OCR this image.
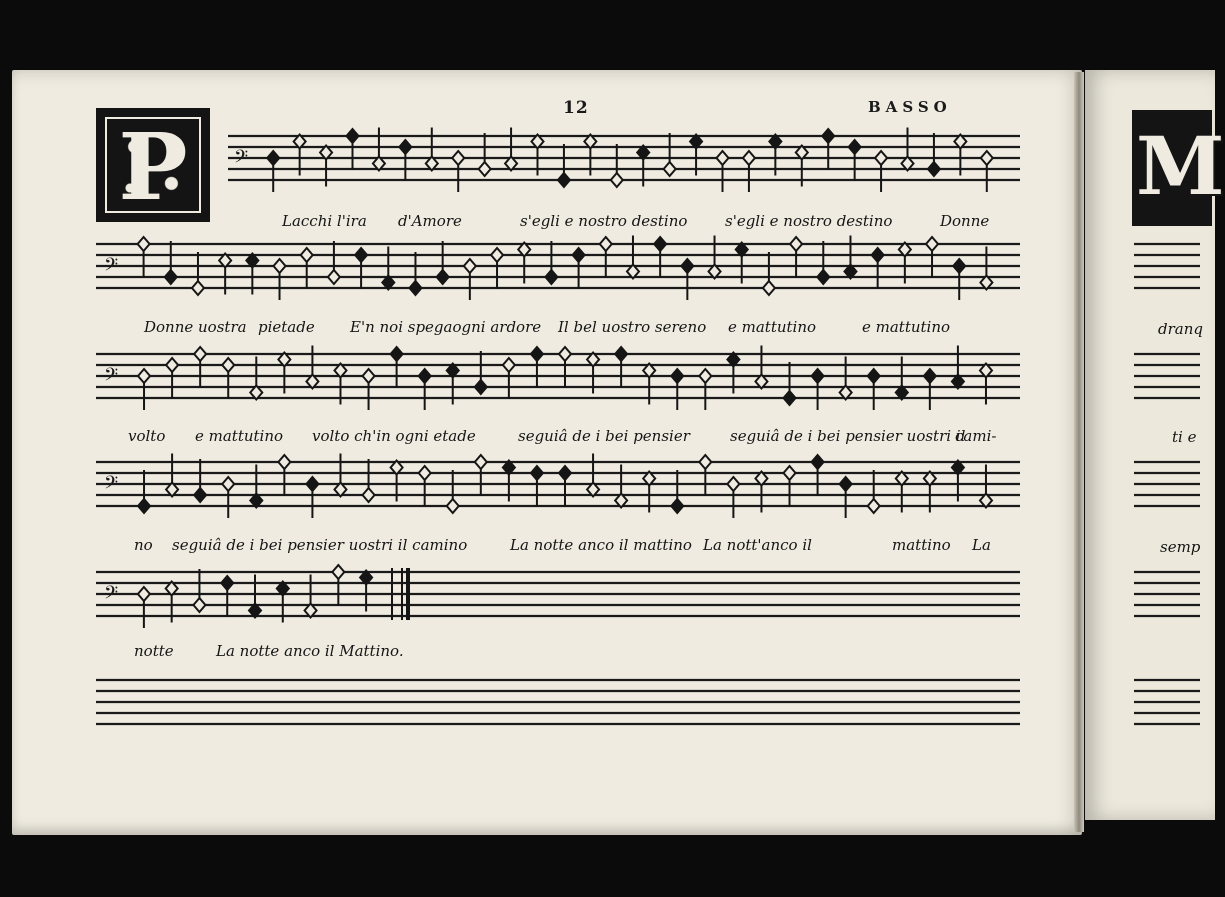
12	BASSO
P	M
𝄢
𝄢
𝄢
𝄢
𝄢
Lacchi l'ira d'Amore	s'egli e nostro destino	s'egli e nostro destino	Donne
Donne uostra pietade E'n noi spegaogni ardore Il bel uostro sereno e mattutino	e mattutino
volto e mattutino volto ch'in ogni etade	seguiâ de i bei pensier	seguiâ de i bei pensier uostri il
cami-
no seguiâ de i bei pensier uostri il camino	La notte anco il mattino La nott'anco il	mattino La
notte	La notte anco il Mattino.
dranq
ti e
semp
